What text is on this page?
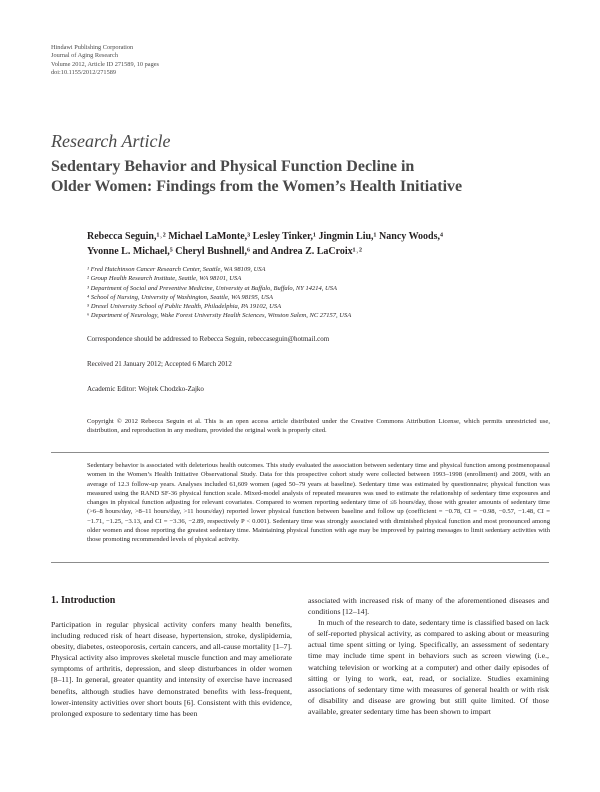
Hindawi Publishing Corporation
Journal of Aging Research
Volume 2012, Article ID 271589, 10 pages
doi:10.1155/2012/271589
Research Article
Sedentary Behavior and Physical Function Decline in
Older Women: Findings from the Women’s Health Initiative
Rebecca Seguin,¹˒² Michael LaMonte,³ Lesley Tinker,¹ Jingmin Liu,¹ Nancy Woods,⁴
Yvonne L. Michael,⁵ Cheryl Bushnell,⁶ and Andrea Z. LaCroix¹˒²
¹ Fred Hutchinson Cancer Research Center, Seattle, WA 98109, USA
² Group Health Research Institute, Seattle, WA 98101, USA
³ Department of Social and Preventive Medicine, University at Buffalo, Buffalo, NY 14214, USA
⁴ School of Nursing, University of Washington, Seattle, WA 98195, USA
⁵ Drexel University School of Public Health, Philadelphia, PA 19102, USA
⁶ Department of Neurology, Wake Forest University Health Sciences, Winston Salem, NC 27157, USA
Correspondence should be addressed to Rebecca Seguin, rebeccaseguin@hotmail.com
Received 21 January 2012; Accepted 6 March 2012
Academic Editor: Wojtek Chodzko-Zajko
Copyright © 2012 Rebecca Seguin et al. This is an open access article distributed under the Creative Commons Attribution License, which permits unrestricted use, distribution, and reproduction in any medium, provided the original work is properly cited.
Sedentary behavior is associated with deleterious health outcomes. This study evaluated the association between sedentary time and physical function among postmenopausal women in the Women’s Health Initiative Observational Study. Data for this prospective cohort study were collected between 1993–1998 (enrollment) and 2009, with an average of 12.3 follow-up years. Analyses included 61,609 women (aged 50–79 years at baseline). Sedentary time was estimated by questionnaire; physical function was measured using the RAND SF-36 physical function scale. Mixed-model analysis of repeated measures was used to estimate the relationship of sedentary time exposures and changes in physical function adjusting for relevant covariates. Compared to women reporting sedentary time of ≤6 hours/day, those with greater amounts of sedentary time (>6–8 hours/day, >8–11 hours/day, >11 hours/day) reported lower physical function between baseline and follow up (coefficient = −0.78, CI = −0.98, −0.57, −1.48, CI = −1.71, −1.25, −3.13, and CI = −3.36, −2.89, respectively P < 0.001). Sedentary time was strongly associated with diminished physical function and most pronounced among older women and those reporting the greatest sedentary time. Maintaining physical function with age may be improved by pairing messages to limit sedentary activities with those promoting recommended levels of physical activity.
1. Introduction

Participation in regular physical activity confers many health benefits, including reduced risk of heart disease, hypertension, stroke, dyslipidemia, obesity, diabetes, osteoporosis, certain cancers, and all-cause mortality [1–7]. Physical activity also improves skeletal muscle function and may ameliorate symptoms of arthritis, depression, and sleep disturbances in older women [8–11]. In general, greater quantity and intensity of exercise have increased benefits, although studies have demonstrated benefits with less-frequent, lower-intensity activities over short bouts [6]. Consistent with this evidence, prolonged exposure to sedentary time has been

associated with increased risk of many of the aforementioned diseases and conditions [12–14].

In much of the research to date, sedentary time is classified based on lack of self-reported physical activity, as compared to asking about or measuring actual time spent sitting or lying. Specifically, an assessment of sedentary time may include time spent in behaviors such as screen viewing (i.e., watching television or working at a computer) and other daily episodes of sitting or lying to work, eat, read, or socialize. Studies examining associations of sedentary time with measures of general health or with risk of disability and disease are growing but still quite limited. Of those available, greater sedentary time has been shown to impart
